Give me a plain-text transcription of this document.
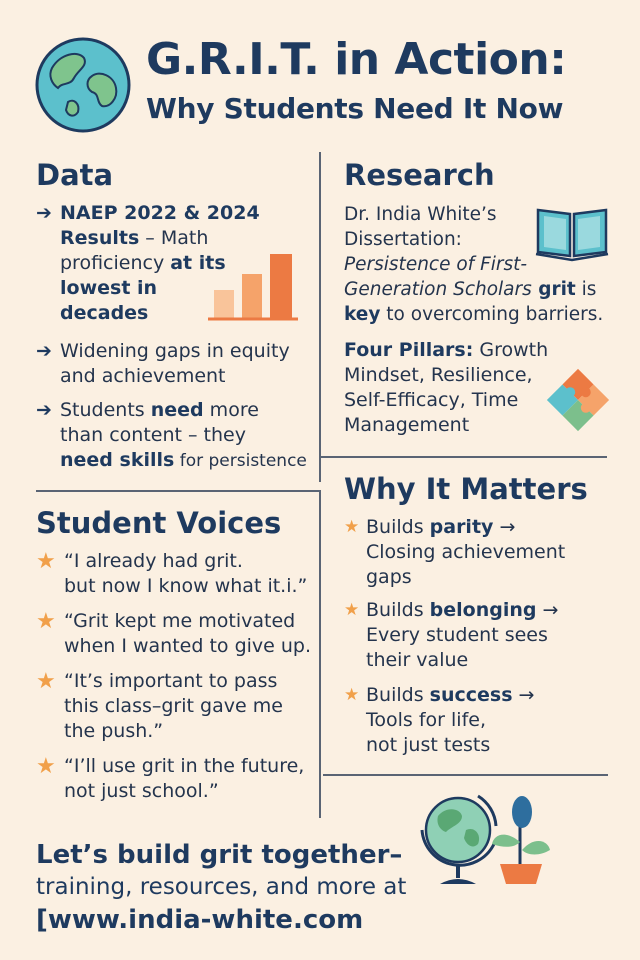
G.R.I.T. in Action:
Why Students Need It Now
Data
➔ NAEP 2022 & 2024
Results – Math
proficiency at its
lowest in
decades
➔ Widening gaps in equity
and achievement
➔ Students need more
than content – they
need skills for persistence
Research
Dr. India White’s
Dissertation:
Persistence of First-
Generation Scholars grit is
key to overcoming barriers.
Four Pillars: Growth
Mindset, Resilience,
Self-Efficacy, Time
Management
Student Voices
★ “I already had grit.
but now I know what it.i.”
★ “Grit kept me motivated
when I wanted to give up.
★ “It’s important to pass
this class–grit gave me
the push.”
★ “I’ll use grit in the future,
not just school.”
Why It Matters
★ Builds parity →
Closing achievement
gaps
★ Builds belonging →
Every student sees
their value
★ Builds success →
Tools for life,
not just tests
Let’s build grit together–
training, resources, and more at
[www.india-white.com
